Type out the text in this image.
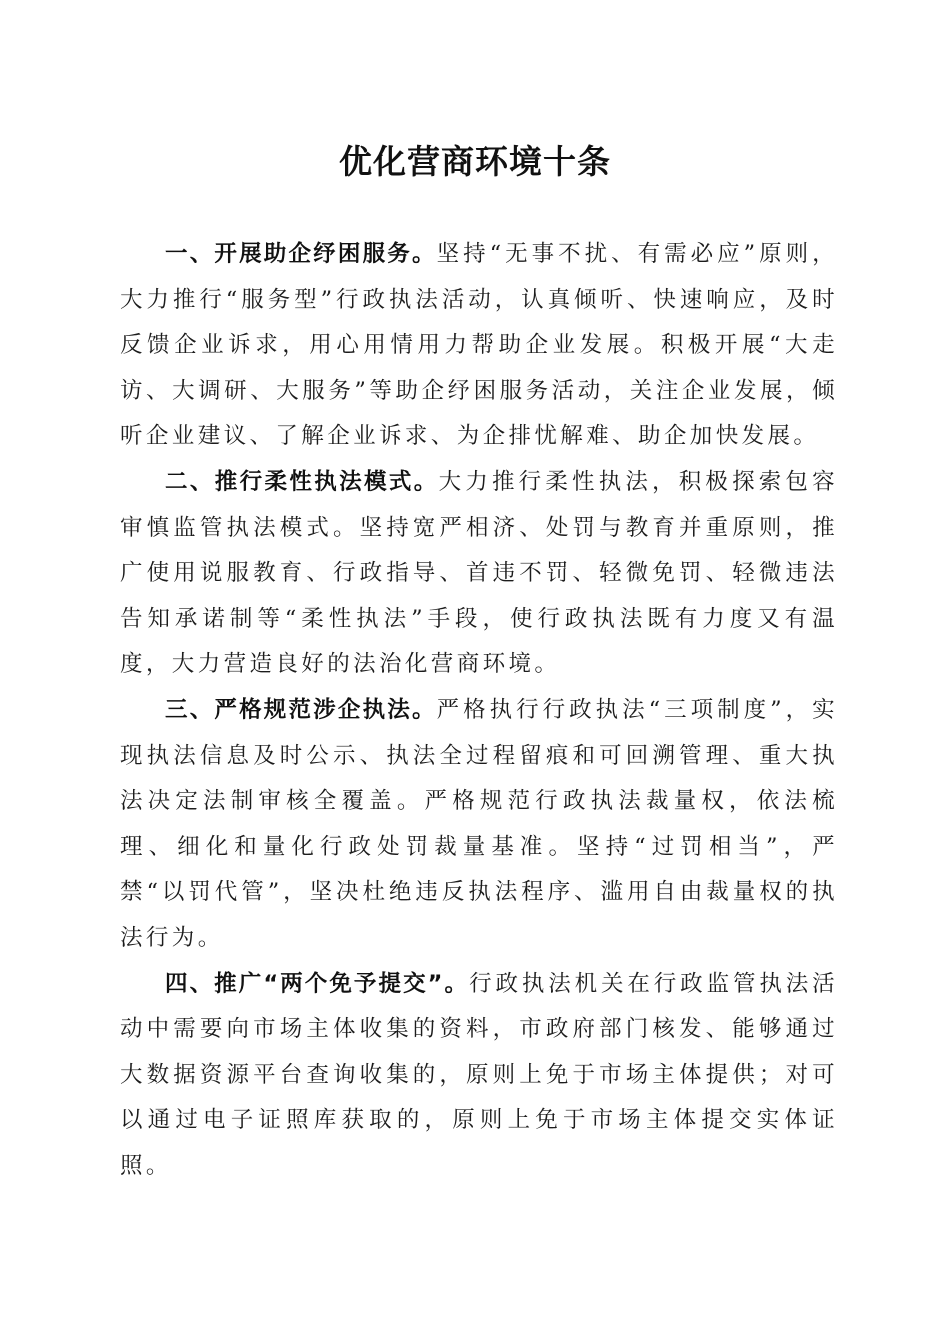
优化营商环境十条

一、开展助企纾困服务。坚持“无事不扰、有需必应”原则，大力推行“服务型”行政执法活动，认真倾听、快速响应，及时反馈企业诉求，用心用情用力帮助企业发展。积极开展“大走访、大调研、大服务”等助企纾困服务活动，关注企业发展，倾听企业建议、了解企业诉求、为企排忧解难、助企加快发展。

二、推行柔性执法模式。大力推行柔性执法，积极探索包容审慎监管执法模式。坚持宽严相济、处罚与教育并重原则，推广使用说服教育、行政指导、首违不罚、轻微免罚、轻微违法告知承诺制等“柔性执法”手段，使行政执法既有力度又有温度，大力营造良好的法治化营商环境。

三、严格规范涉企执法。严格执行行政执法“三项制度”，实现执法信息及时公示、执法全过程留痕和可回溯管理、重大执法决定法制审核全覆盖。严格规范行政执法裁量权，依法梳理、细化和量化行政处罚裁量基准。坚持“过罚相当”，严禁“以罚代管”，坚决杜绝违反执法程序、滥用自由裁量权的执法行为。

四、推广“两个免予提交”。行政执法机关在行政监管执法活动中需要向市场主体收集的资料，市政府部门核发、能够通过大数据资源平台查询收集的，原则上免于市场主体提供；对可以通过电子证照库获取的，原则上免于市场主体提交实体证照。
